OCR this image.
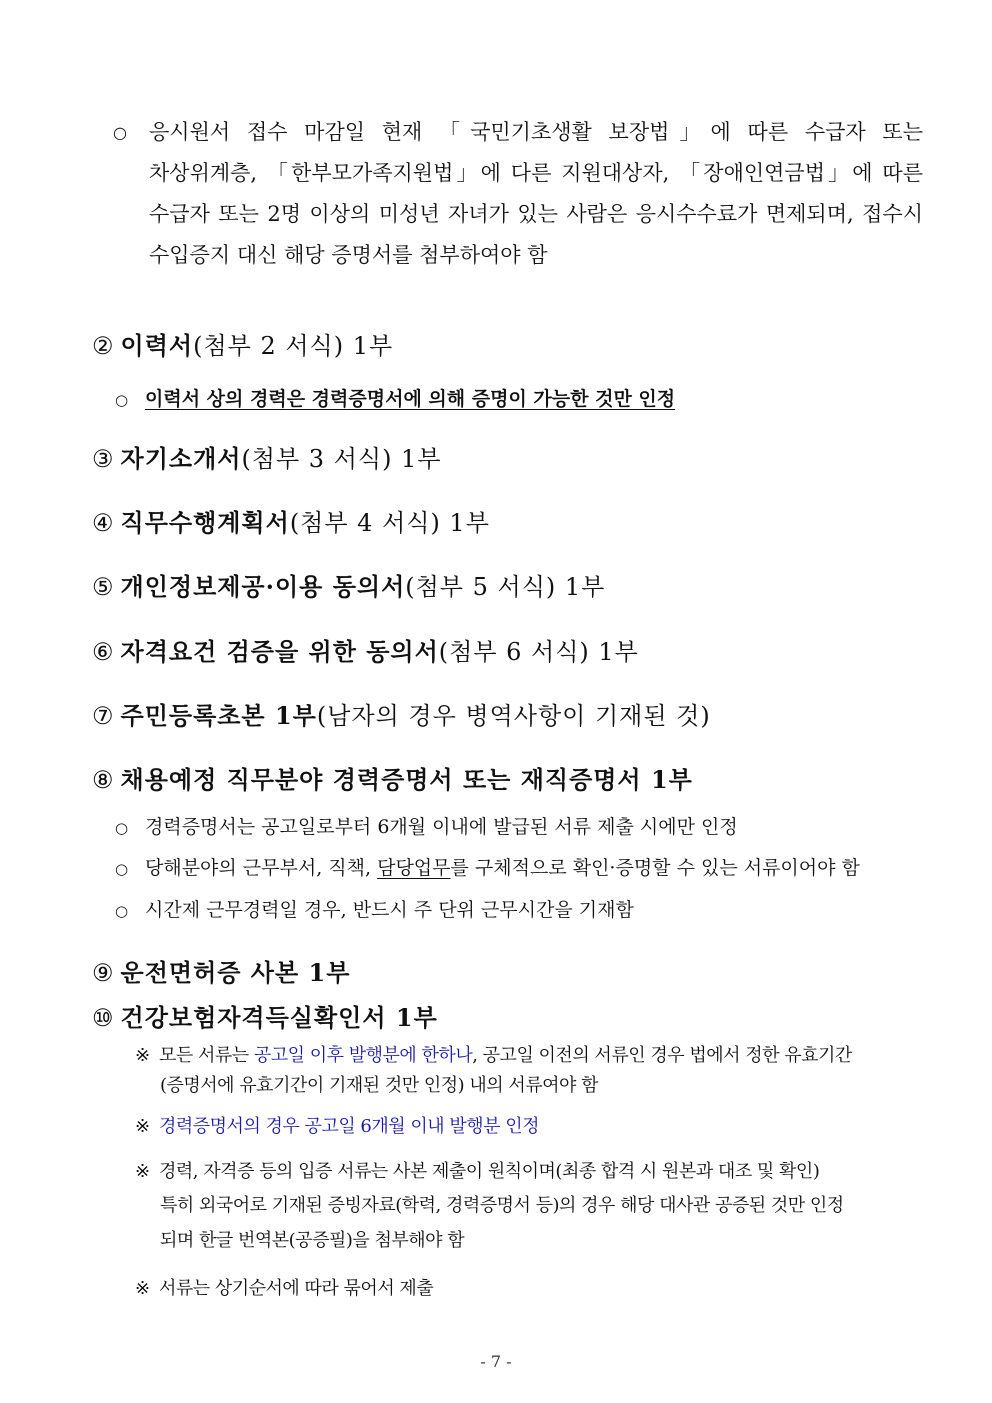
○	응시원서 접수 마감일 현재 「국민기초생활 보장법」에 따른 수급자 또는 차상위계층, 「한부모가족지원법」에 다른 지원대상자, 「장애인연금법」에 따른 수급자 또는 2명 이상의 미성년 자녀가 있는 사람은 응시수수료가 면제되며, 접수시 수입증지 대신 해당 증명서를 첨부하여야 함
② 이력서(첨부 2 서식) 1부
○ 이력서 상의 경력은 경력증명서에 의해 증명이 가능한 것만 인정
③ 자기소개서(첨부 3 서식) 1부
④ 직무수행계획서(첨부 4 서식) 1부
⑤ 개인정보제공·이용 동의서(첨부 5 서식) 1부
⑥ 자격요건 검증을 위한 동의서(첨부 6 서식) 1부
⑦ 주민등록초본 1부(남자의 경우 병역사항이 기재된 것)
⑧ 채용예정 직무분야 경력증명서 또는 재직증명서 1부
○ 경력증명서는 공고일로부터 6개월 이내에 발급된 서류 제출 시에만 인정
○ 당해분야의 근무부서, 직책, 담당업무를 구체적으로 확인·증명할 수 있는 서류이어야 함
○ 시간제 근무경력일 경우, 반드시 주 단위 근무시간을 기재함
⑨ 운전면허증 사본 1부
⑩ 건강보험자격득실확인서 1부
※ 모든 서류는 공고일 이후 발행분에 한하나, 공고일 이전의 서류인 경우 법에서 정한 유효기간
(증명서에 유효기간이 기재된 것만 인정) 내의 서류여야 함
※ 경력증명서의 경우 공고일 6개월 이내 발행분 인정
※ 경력, 자격증 등의 입증 서류는 사본 제출이 원칙이며(최종 합격 시 원본과 대조 및 확인)
특히 외국어로 기재된 증빙자료(학력, 경력증명서 등)의 경우 해당 대사관 공증된 것만 인정
되며 한글 번역본(공증필)을 첨부해야 함
※ 서류는 상기순서에 따라 묶어서 제출
- 7 -
